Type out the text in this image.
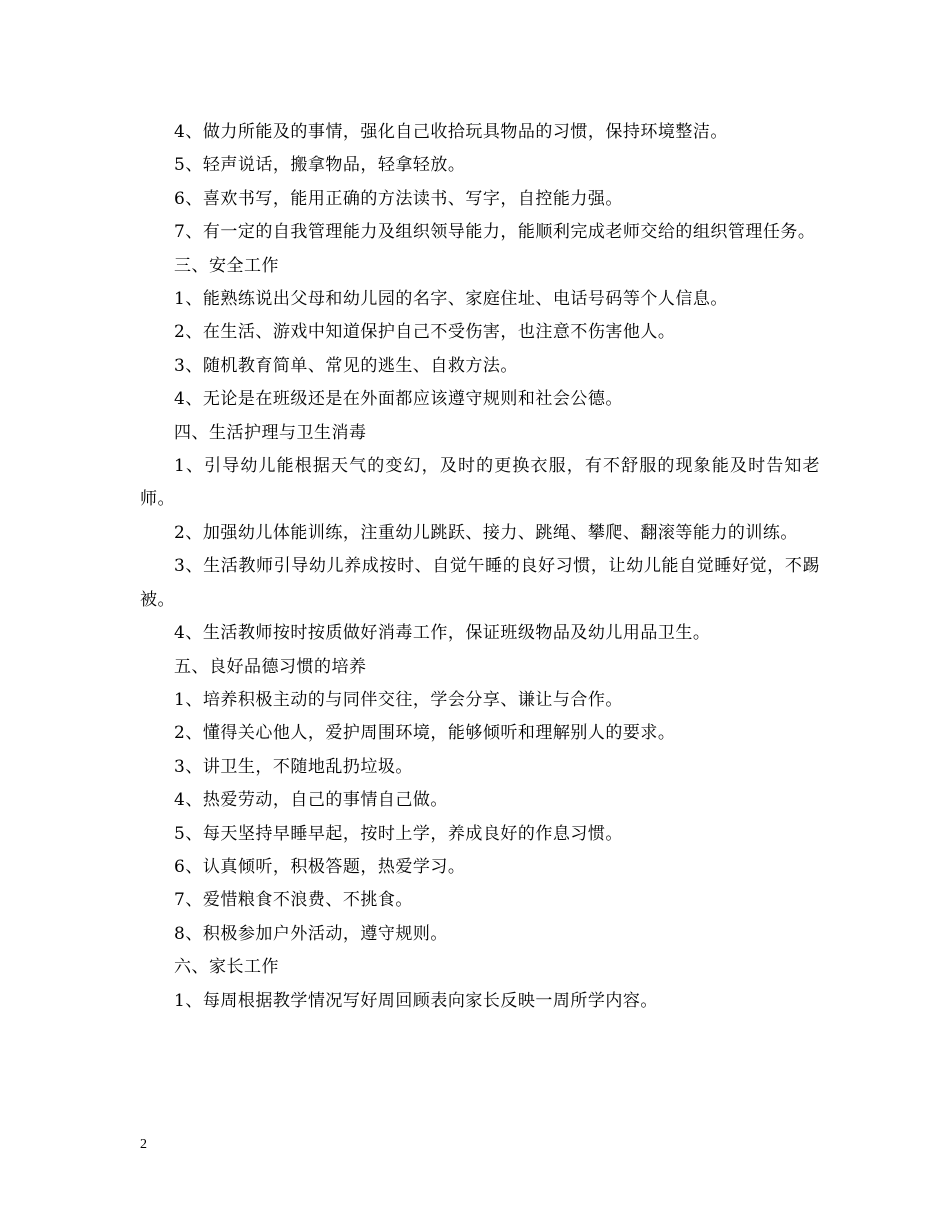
4、做力所能及的事情，强化自己收拾玩具物品的习惯，保持环境整洁。

5、轻声说话，搬拿物品，轻拿轻放。

6、喜欢书写，能用正确的方法读书、写字，自控能力强。

7、有一定的自我管理能力及组织领导能力，能顺利完成老师交给的组织管理任务。

三、安全工作

1、能熟练说出父母和幼儿园的名字、家庭住址、电话号码等个人信息。

2、在生活、游戏中知道保护自己不受伤害，也注意不伤害他人。

3、随机教育简单、常见的逃生、自救方法。

4、无论是在班级还是在外面都应该遵守规则和社会公德。

四、生活护理与卫生消毒

1、引导幼儿能根据天气的变幻，及时的更换衣服，有不舒服的现象能及时告知老师。

2、加强幼儿体能训练，注重幼儿跳跃、接力、跳绳、攀爬、翻滚等能力的训练。

3、生活教师引导幼儿养成按时、自觉午睡的良好习惯，让幼儿能自觉睡好觉，不踢被。

4、生活教师按时按质做好消毒工作，保证班级物品及幼儿用品卫生。

五、良好品德习惯的培养

1、培养积极主动的与同伴交往，学会分享、谦让与合作。

2、懂得关心他人，爱护周围环境，能够倾听和理解别人的要求。

3、讲卫生，不随地乱扔垃圾。

4、热爱劳动，自己的事情自己做。

5、每天坚持早睡早起，按时上学，养成良好的作息习惯。

6、认真倾听，积极答题，热爱学习。

7、爱惜粮食不浪费、不挑食。

8、积极参加户外活动，遵守规则。

六、家长工作

1、每周根据教学情况写好周回顾表向家长反映一周所学内容。

2
